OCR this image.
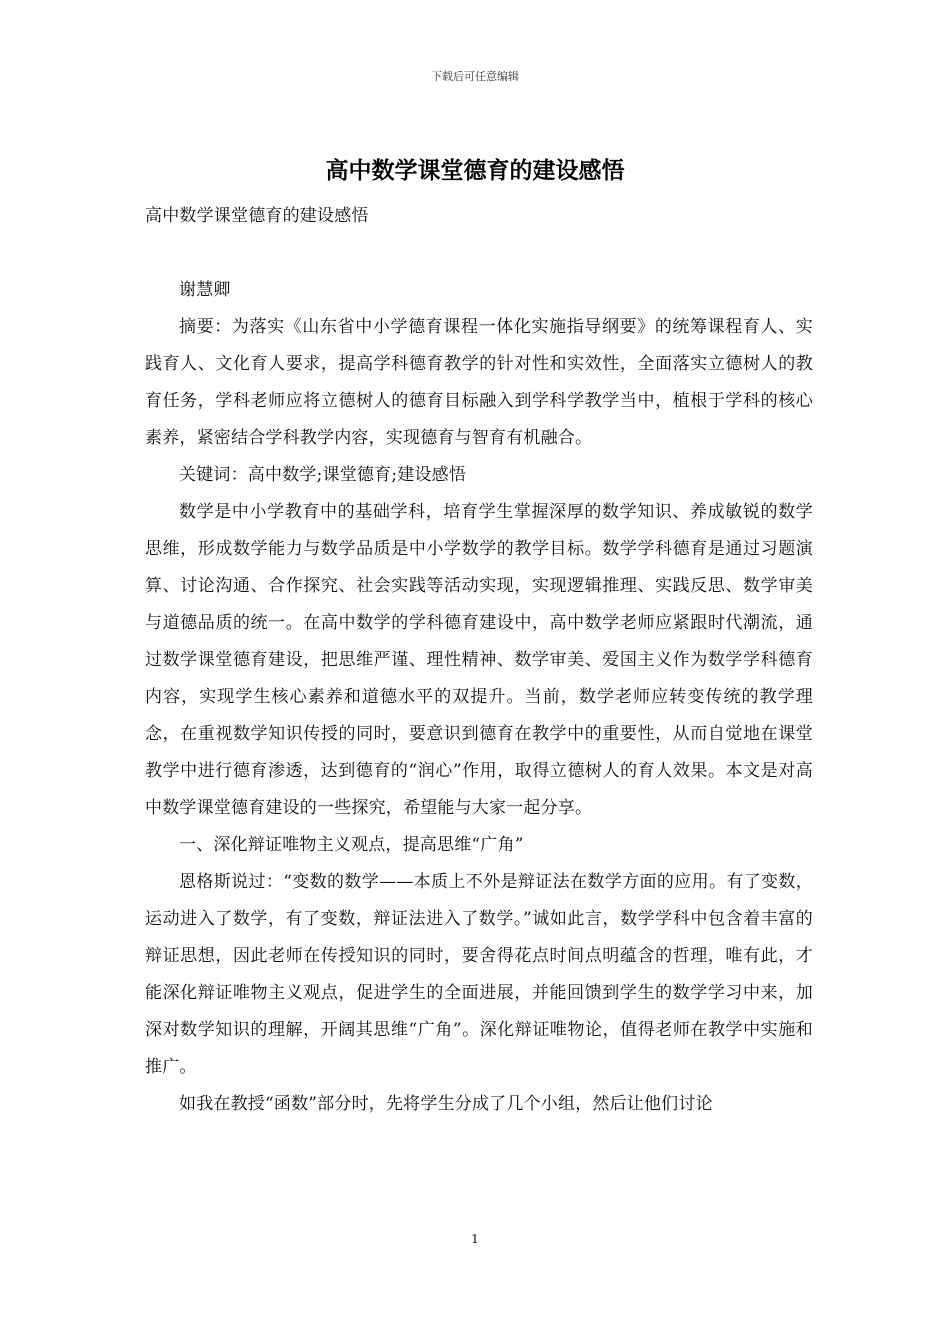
下载后可任意编辑
高中数学课堂德育的建设感悟

高中数学课堂德育的建设感悟

谢慧卿

摘要：为落实《山东省中小学德育课程一体化实施指导纲要》的统筹课程育人、实践育人、文化育人要求，提高学科德育教学的针对性和实效性，全面落实立德树人的教育任务，学科老师应将立德树人的德育目标融入到学科学教学当中，植根于学科的核心素养，紧密结合学科教学内容，实现德育与智育有机融合。

关键词：高中数学;课堂德育;建设感悟

数学是中小学教育中的基础学科，培育学生掌握深厚的数学知识、养成敏锐的数学思维，形成数学能力与数学品质是中小学数学的教学目标。数学学科德育是通过习题演算、讨论沟通、合作探究、社会实践等活动实现，实现逻辑推理、实践反思、数学审美与道德品质的统一。在高中数学的学科德育建设中，高中数学老师应紧跟时代潮流，通过数学课堂德育建设，把思维严谨、理性精神、数学审美、爱国主义作为数学学科德育内容，实现学生核心素养和道德水平的双提升。当前，数学老师应转变传统的教学理念，在重视数学知识传授的同时，要意识到德育在教学中的重要性，从而自觉地在课堂教学中进行德育渗透，达到德育的“润心”作用，取得立德树人的育人效果。本文是对高中数学课堂德育建设的一些探究，希望能与大家一起分享。

一、深化辩证唯物主义观点，提高思维“广角”

恩格斯说过：“变数的数学——本质上不外是辩证法在数学方面的应用。有了变数，运动进入了数学，有了变数，辩证法进入了数学。”诚如此言，数学学科中包含着丰富的辩证思想，因此老师在传授知识的同时，要舍得花点时间点明蕴含的哲理，唯有此，才能深化辩证唯物主义观点，促进学生的全面进展，并能回馈到学生的数学学习中来，加深对数学知识的理解，开阔其思维“广角”。深化辩证唯物论，值得老师在教学中实施和推广。

如我在教授“函数”部分时，先将学生分成了几个小组，然后让他们讨论

1
